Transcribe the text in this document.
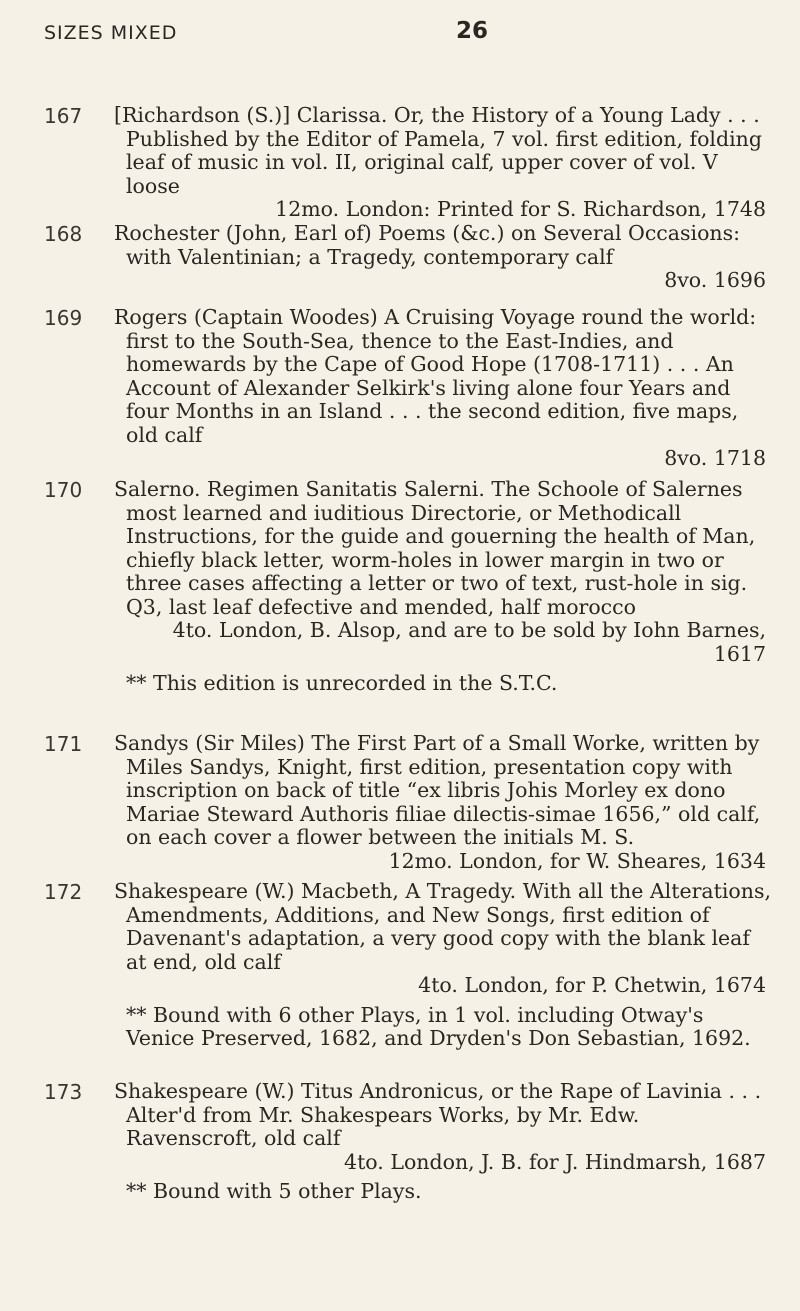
SIZES MIXED	26
167 [Richardson (S.)] Clarissa. Or, the History of a Young Lady . . . Published by the Editor of Pamela, 7 vol. first edition, folding leaf of music in vol. II, original calf, upper cover of vol. V loose
12mo. London: Printed for S. Richardson, 1748
168 Rochester (John, Earl of) Poems (&c.) on Several Occasions: with Valentinian; a Tragedy, contemporary calf
8vo. 1696
169 Rogers (Captain Woodes) A Cruising Voyage round the world: first to the South-Sea, thence to the East-Indies, and homewards by the Cape of Good Hope (1708-1711) . . . An Account of Alexander Selkirk's living alone four Years and four Months in an Island . . . the second edition, five maps, old calf
8vo. 1718
170 Salerno. Regimen Sanitatis Salerni. The Schoole of Salernes most learned and iuditious Directorie, or Methodicall Instructions, for the guide and gouerning the health of Man, chiefly black letter, worm-holes in lower margin in two or three cases affecting a letter or two of text, rust-hole in sig. Q3, last leaf defective and mended, half morocco
4to. London, B. Alsop, and are to be sold by Iohn Barnes, 1617
** This edition is unrecorded in the S.T.C.
171 Sandys (Sir Miles) The First Part of a Small Worke, written by Miles Sandys, Knight, first edition, presentation copy with inscription on back of title “ex libris Johis Morley ex dono Mariae Steward Authoris filiae dilectis-simae 1656,” old calf, on each cover a flower between the initials M. S.
12mo. London, for W. Sheares, 1634
172 Shakespeare (W.) Macbeth, A Tragedy. With all the Alterations, Amendments, Additions, and New Songs, first edition of Davenant's adaptation, a very good copy with the blank leaf at end, old calf
4to. London, for P. Chetwin, 1674
** Bound with 6 other Plays, in 1 vol. including Otway's Venice Preserved, 1682, and Dryden's Don Sebastian, 1692.
173 Shakespeare (W.) Titus Andronicus, or the Rape of Lavinia . . . Alter'd from Mr. Shakespears Works, by Mr. Edw. Ravenscroft, old calf
4to. London, J. B. for J. Hindmarsh, 1687
** Bound with 5 other Plays.
